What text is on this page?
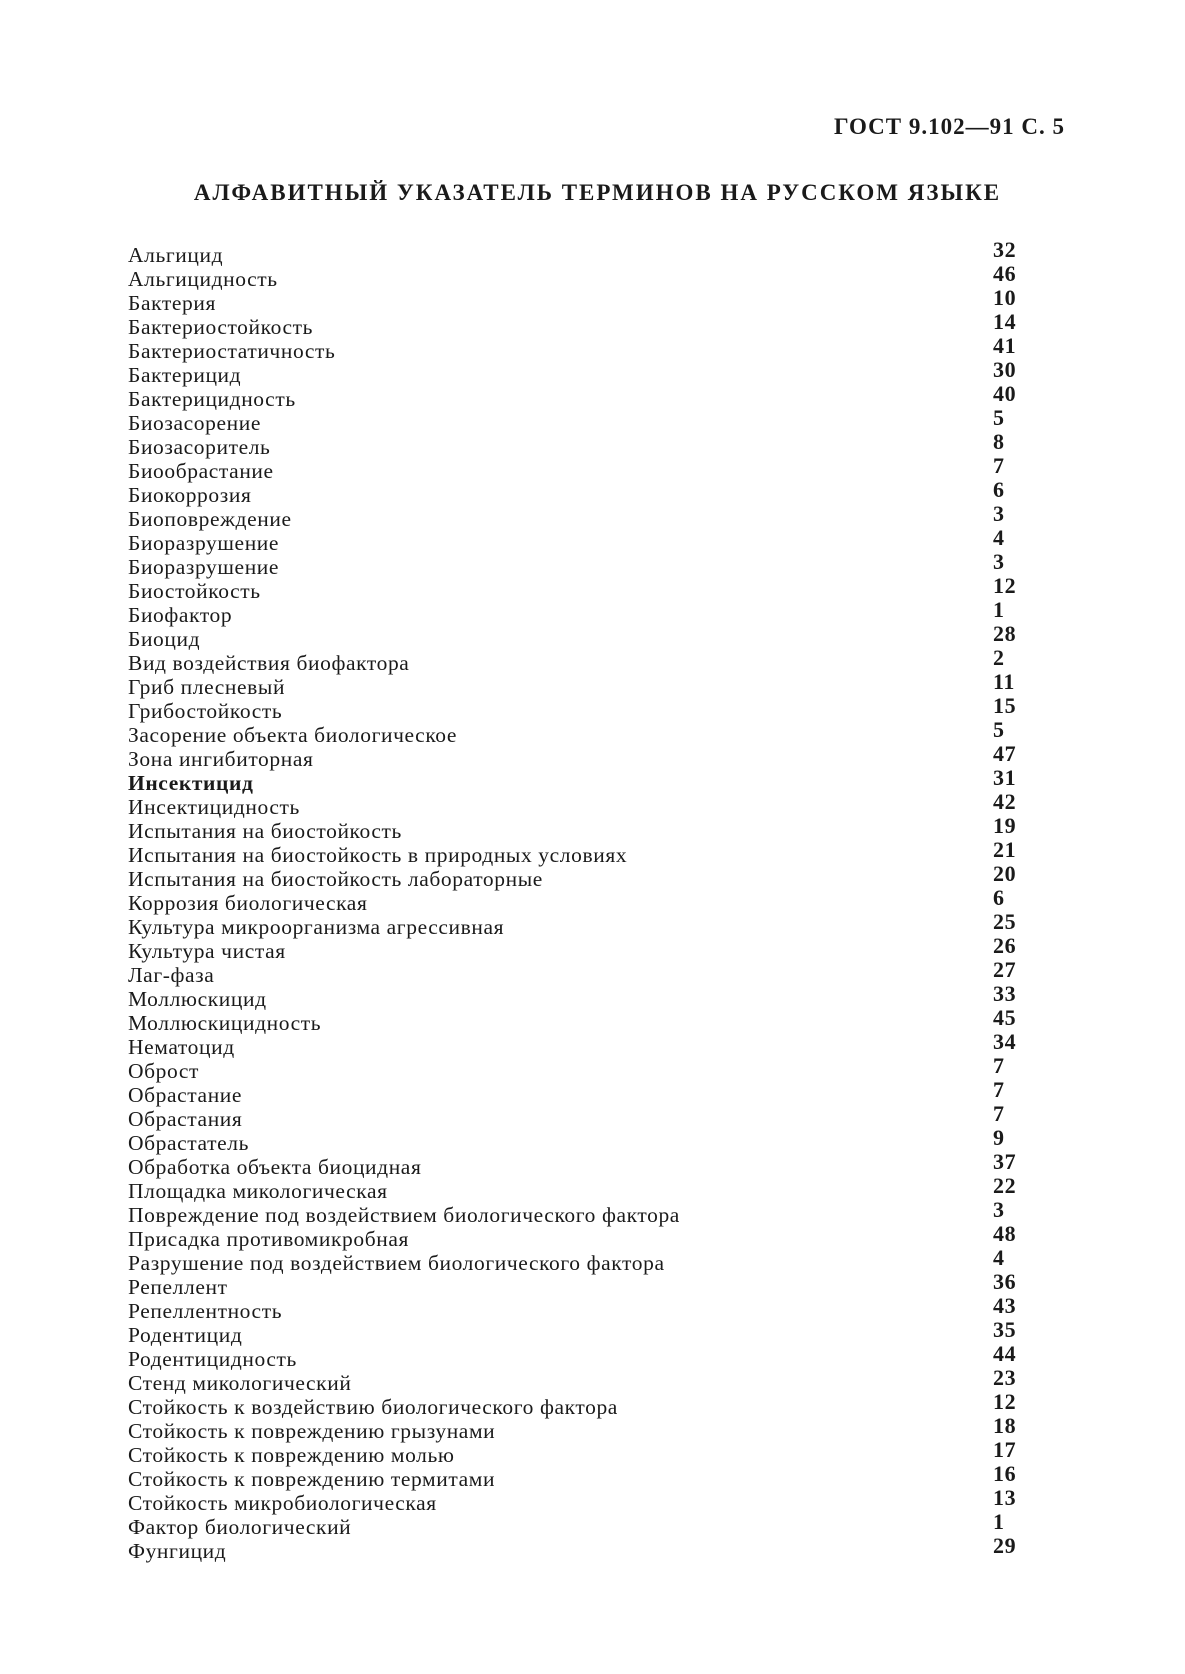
ГОСТ 9.102—91 С. 5
АЛФАВИТНЫЙ УКАЗАТЕЛЬ ТЕРМИНОВ НА РУССКОМ ЯЗЫКЕ
Альгицид	32
Альгицидность	46
Бактерия	10
Бактериостойкость	14
Бактериостатичность	41
Бактерицид	30
Бактерицидность	40
Биозасорение	5
Биозасоритель	8
Биообрастание	7
Биокоррозия	6
Биоповреждение	3
Биоразрушение	4
Биоразрушение	3
Биостойкость	12
Биофактор	1
Биоцид	28
Вид воздействия биофактора	2
Гриб плесневый	11
Грибостойкость	15
Засорение объекта биологическое	5
Зона ингибиторная	47
Инсектицид	31
Инсектицидность	42
Испытания на биостойкость	19
Испытания на биостойкость в природных условиях	21
Испытания на биостойкость лабораторные	20
Коррозия биологическая	6
Культура микроорганизма агрессивная	25
Культура чистая	26
Лаг-фаза	27
Моллюскицид	33
Моллюскицидность	45
Нематоцид	34
Оброст	7
Обрастание	7
Обрастания	7
Обрастатель	9
Обработка объекта биоцидная	37
Площадка микологическая	22
Повреждение под воздействием биологического фактора	3
Присадка противомикробная	48
Разрушение под воздействием биологического фактора	4
Репеллент	36
Репеллентность	43
Родентицид	35
Родентицидность	44
Стенд микологический	23
Стойкость к воздействию биологического фактора	12
Стойкость к повреждению грызунами	18
Стойкость к повреждению молью	17
Стойкость к повреждению термитами	16
Стойкость микробиологическая	13
Фактор биологический	1
Фунгицид	29
